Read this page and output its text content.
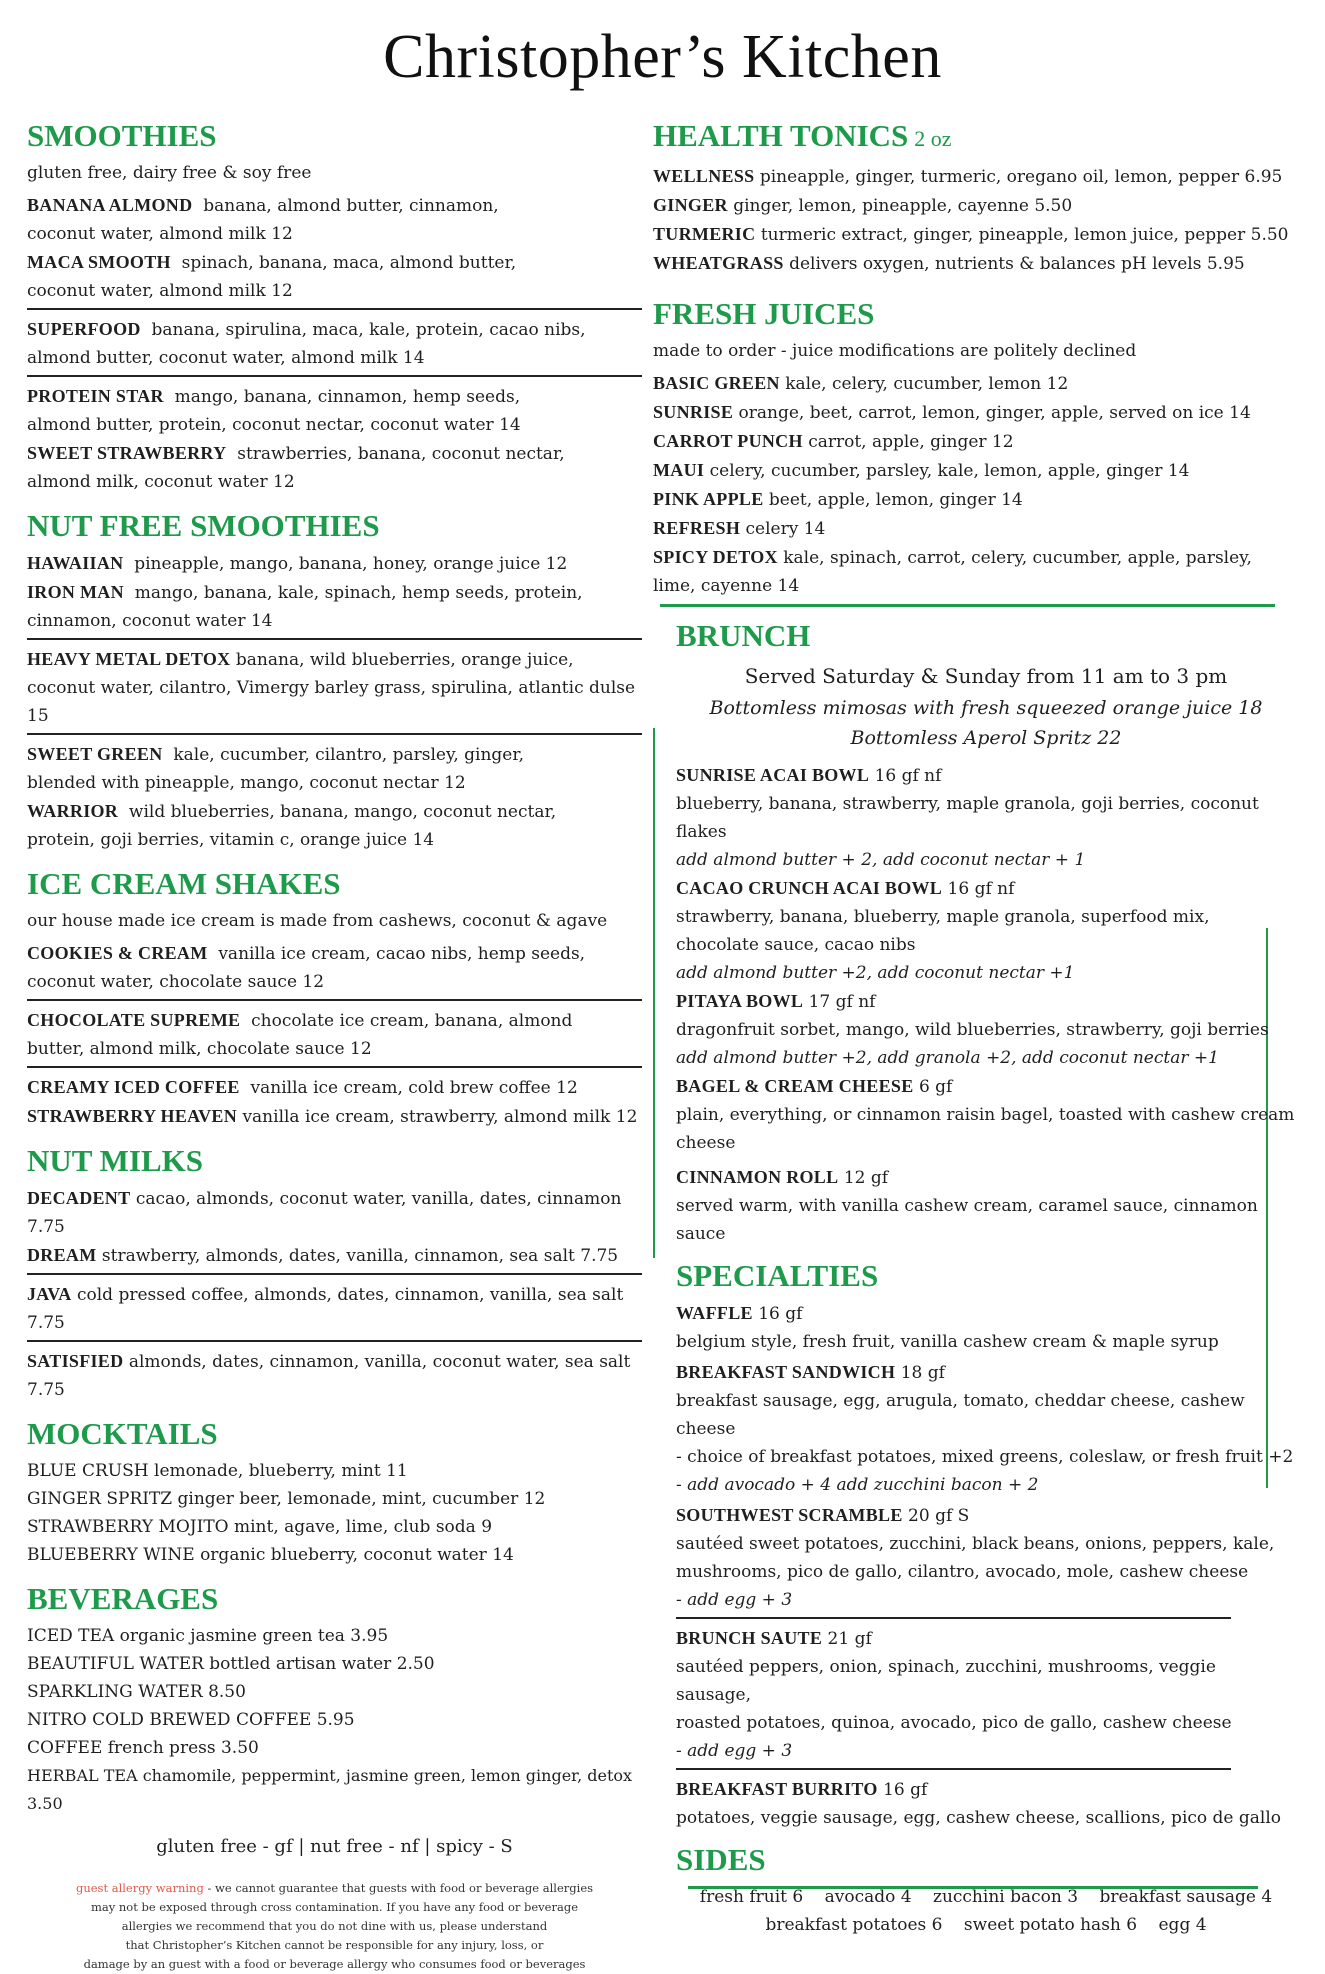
Christopher’s Kitchen
SMOOTHIES
gluten free, dairy free & soy free
BANANA ALMOND banana, almond butter, cinnamon,
coconut water, almond milk 12
MACA SMOOTH spinach, banana, maca, almond butter,
coconut water, almond milk 12
SUPERFOOD banana, spirulina, maca, kale, protein, cacao nibs,
almond butter, coconut water, almond milk 14
PROTEIN STAR mango, banana, cinnamon, hemp seeds,
almond butter, protein, coconut nectar, coconut water 14
SWEET STRAWBERRY strawberries, banana, coconut nectar,
almond milk, coconut water 12
NUT FREE SMOOTHIES
HAWAIIAN pineapple, mango, banana, honey, orange juice 12
IRON MAN mango, banana, kale, spinach, hemp seeds, protein,
cinnamon, coconut water 14
HEAVY METAL DETOX banana, wild blueberries, orange juice,
coconut water, cilantro, Vimergy barley grass, spirulina, atlantic dulse 15
SWEET GREEN kale, cucumber, cilantro, parsley, ginger,
blended with pineapple, mango, coconut nectar 12
WARRIOR wild blueberries, banana, mango, coconut nectar,
protein, goji berries, vitamin c, orange juice 14
ICE CREAM SHAKES
our house made ice cream is made from cashews, coconut & agave
COOKIES & CREAM vanilla ice cream, cacao nibs, hemp seeds,
coconut water, chocolate sauce 12
CHOCOLATE SUPREME chocolate ice cream, banana, almond
butter, almond milk, chocolate sauce 12
CREAMY ICED COFFEE vanilla ice cream, cold brew coffee 12
STRAWBERRY HEAVEN vanilla ice cream, strawberry, almond milk 12
NUT MILKS
DECADENT cacao, almonds, coconut water, vanilla, dates, cinnamon 7.75
DREAM strawberry, almonds, dates, vanilla, cinnamon, sea salt 7.75
JAVA cold pressed coffee, almonds, dates, cinnamon, vanilla, sea salt 7.75
SATISFIED almonds, dates, cinnamon, vanilla, coconut water, sea salt 7.75
MOCKTAILS
BLUE CRUSH lemonade, blueberry, mint 11
GINGER SPRITZ ginger beer, lemonade, mint, cucumber 12
STRAWBERRY MOJITO mint, agave, lime, club soda 9
BLUEBERRY WINE organic blueberry, coconut water 14
BEVERAGES
ICED TEA organic jasmine green tea 3.95
BEAUTIFUL WATER bottled artisan water 2.50
SPARKLING WATER 8.50
NITRO COLD BREWED COFFEE 5.95
COFFEE french press 3.50
HERBAL TEA chamomile, peppermint, jasmine green, lemon ginger, detox 3.50
gluten free - gf | nut free - nf | spicy - S
guest allergy warning - we cannot guarantee that guests with food or beverage allergies
may not be exposed through cross contamination. If you have any food or beverage
allergies we recommend that you do not dine with us, please understand
that Christopher’s Kitchen cannot be responsible for any injury, loss, or
damage by an guest with a food or beverage allergy who consumes food or beverages
HEALTH TONICS 2 oz
WELLNESS pineapple, ginger, turmeric, oregano oil, lemon, pepper 6.95
GINGER ginger, lemon, pineapple, cayenne 5.50
TURMERIC turmeric extract, ginger, pineapple, lemon juice, pepper 5.50
WHEATGRASS delivers oxygen, nutrients & balances pH levels 5.95
FRESH JUICES
made to order - juice modifications are politely declined
BASIC GREEN kale, celery, cucumber, lemon 12
SUNRISE orange, beet, carrot, lemon, ginger, apple, served on ice 14
CARROT PUNCH carrot, apple, ginger 12
MAUI celery, cucumber, parsley, kale, lemon, apple, ginger 14
PINK APPLE beet, apple, lemon, ginger 14
REFRESH celery 14
SPICY DETOX kale, spinach, carrot, celery, cucumber, apple, parsley,
lime, cayenne 14
BRUNCH
Served Saturday & Sunday from 11 am to 3 pm
Bottomless mimosas with fresh squeezed orange juice 18
Bottomless Aperol Spritz 22
SUNRISE ACAI BOWL 16 gf nf
blueberry, banana, strawberry, maple granola, goji berries, coconut flakes
add almond butter + 2, add coconut nectar + 1
CACAO CRUNCH ACAI BOWL 16 gf nf
strawberry, banana, blueberry, maple granola, superfood mix,
chocolate sauce, cacao nibs
add almond butter +2, add coconut nectar +1
PITAYA BOWL 17 gf nf
dragonfruit sorbet, mango, wild blueberries, strawberry, goji berries
add almond butter +2, add granola +2, add coconut nectar +1
BAGEL & CREAM CHEESE 6 gf
plain, everything, or cinnamon raisin bagel, toasted with cashew cream
cheese
CINNAMON ROLL 12 gf
served warm, with vanilla cashew cream, caramel sauce, cinnamon sauce
SPECIALTIES
WAFFLE 16 gf
belgium style, fresh fruit, vanilla cashew cream & maple syrup
BREAKFAST SANDWICH 18 gf
breakfast sausage, egg, arugula, tomato, cheddar cheese, cashew cheese
- choice of breakfast potatoes, mixed greens, coleslaw, or fresh fruit +2
- add avocado + 4 add zucchini bacon + 2
SOUTHWEST SCRAMBLE 20 gf S
sautéed sweet potatoes, zucchini, black beans, onions, peppers, kale,
mushrooms, pico de gallo, cilantro, avocado, mole, cashew cheese
- add egg + 3
BRUNCH SAUTE 21 gf
sautéed peppers, onion, spinach, zucchini, mushrooms, veggie sausage,
roasted potatoes, quinoa, avocado, pico de gallo, cashew cheese
- add egg + 3
BREAKFAST BURRITO 16 gf
potatoes, veggie sausage, egg, cashew cheese, scallions, pico de gallo
SIDES
fresh fruit 6 avocado 4 zucchini bacon 3 breakfast sausage 4
breakfast potatoes 6 sweet potato hash 6 egg 4
